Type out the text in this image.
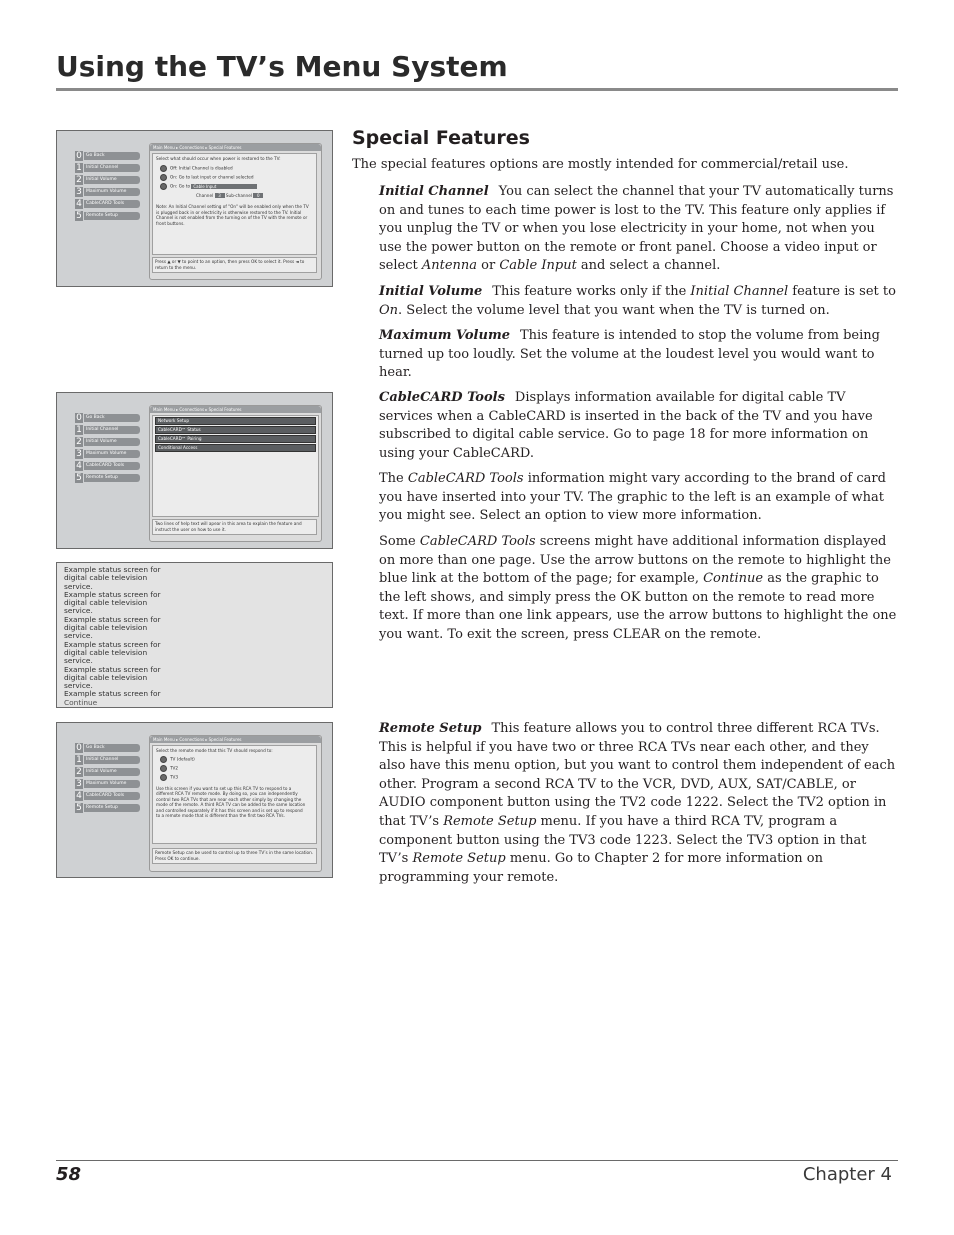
Using the TV’s Menu System
0 Go Back
1 Initial Channel
2 Initial Volume
3 Maximum Volume
4 CableCARD Tools
5 Remote Setup
Main Menu ▸ Connections ▸ Special Features
Select what should occur when power is restored to the TV:
Off: Initial Channel is disabled
On: Go to last input or channel selected
On: Go to Cable Input
Channel 3 Sub-channel 0
Note: An Initial Channel setting of "On" will be enabled only when the TV is plugged back in or electricity is otherwise restored to the TV. Initial Channel is not enabled from the turning on of the TV with the remote or front buttons.
Press ▲ or ▼ to point to an option, then press OK to select it. Press ◄ to return to the menu.
0 Go Back
1 Initial Channel
2 Initial Volume
3 Maximum Volume
4 CableCARD Tools
5 Remote Setup
Main Menu ▸ Connections ▸ Special Features
Network Setup
CableCARD™ Status
CableCARD™ Pairing
Conditional Access
Two lines of help text will apear in this area to explain the feature and instruct the user on how to use it.
Example status screen for
digital cable television
service.
Example status screen for
digital cable television
service.
Example status screen for
digital cable television
service.
Example status screen for
digital cable television
service.
Example status screen for
digital cable television
service.
Example status screen for
Continue
0 Go Back
1 Initial Channel
2 Initial Volume
3 Maximum Volume
4 CableCARD Tools
5 Remote Setup
Main Menu ▸ Connections ▸ Special Features
Select the remote mode that this TV should respond to:
TV (default)
TV2
TV3
Use this screen if you want to set up this RCA TV to respond to a different RCA TV remote mode. By doing so, you can independently control two RCA TVs that are near each other simply by changing the mode of the remote. A third RCA TV can be added to the same location and controlled separately if it has this screen and is set up to respond to a remote mode that is different than the first two RCA TVs.
Remote Setup can be used to control up to three TV’s in the same location. Press OK to continue.
Special Features

The special features options are mostly intended for commercial/retail use.

Initial Channel You can select the channel that your TV automatically turns on and tunes to each time power is lost to the TV. This feature only applies if you unplug the TV or when you lose electricity in your home, not when you use the power button on the remote or front panel. Choose a video input or select Antenna or Cable Input and select a channel.

Initial Volume This feature works only if the Initial Channel feature is set to On. Select the volume level that you want when the TV is turned on.

Maximum Volume This feature is intended to stop the volume from being turned up too loudly. Set the volume at the loudest level you would want to hear.

CableCARD Tools Displays information available for digital cable TV services when a CableCARD is inserted in the back of the TV and you have subscribed to digital cable service. Go to page 18 for more information on using your CableCARD.

The CableCARD Tools information might vary according to the brand of card you have inserted into your TV. The graphic to the left is an example of what you might see. Select an option to view more information.

Some CableCARD Tools screens might have additional information displayed on more than one page. Use the arrow buttons on the remote to highlight the blue link at the bottom of the page; for example, Continue as the graphic to the left shows, and simply press the OK button on the remote to read more text. If more than one link appears, use the arrow buttons to highlight the one you want. To exit the screen, press CLEAR on the remote.

Remote Setup This feature allows you to control three different RCA TVs. This is helpful if you have two or three RCA TVs near each other, and they also have this menu option, but you want to control them independent of each other. Program a second RCA TV to the VCR, DVD, AUX, SAT/CABLE, or AUDIO component button using the TV2 code 1222. Select the TV2 option in that TV’s Remote Setup menu. If you have a third RCA TV, program a component button using the TV3 code 1223. Select the TV3 option in that TV’s Remote Setup menu. Go to Chapter 2 for more information on programming your remote.

58	Chapter 4
